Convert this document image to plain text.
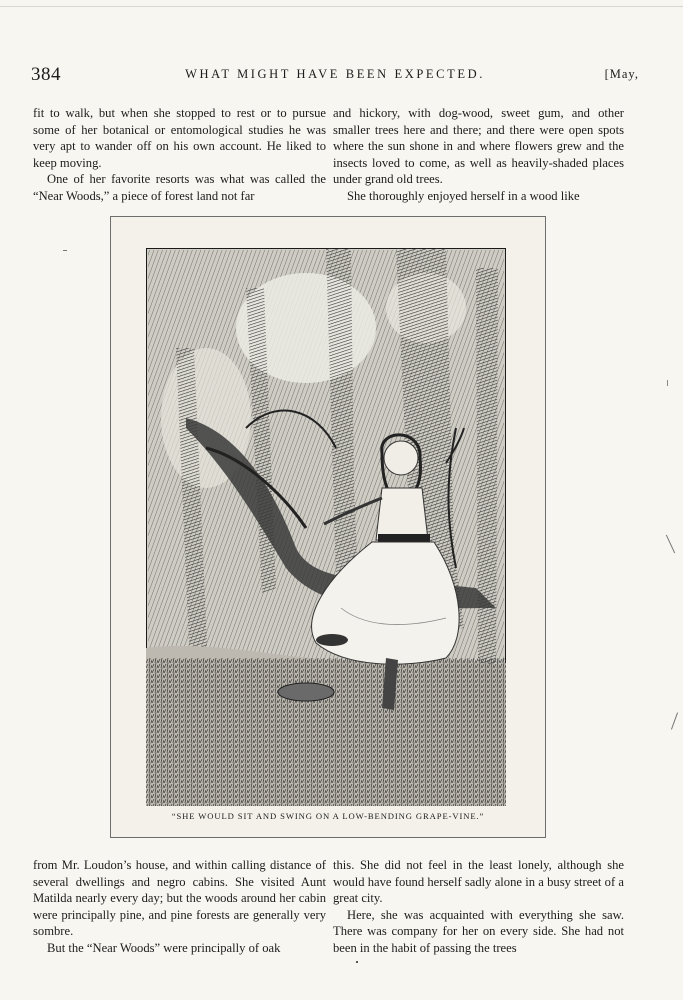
384	WHAT MIGHT HAVE BEEN EXPECTED.	[May,

fit to walk, but when she stopped to rest or to pursue some of her botanical or entomological studies he was very apt to wander off on his own account. He liked to keep moving.

One of her favorite resorts was what was called the “Near Woods,” a piece of forest land not far

and hickory, with dog-wood, sweet gum, and other smaller trees here and there; and there were open spots where the sun shone in and where flowers grew and the insects loved to come, as well as heavily-shaded places under grand old trees.

She thoroughly enjoyed herself in a wood like

“SHE WOULD SIT AND SWING ON A LOW-BENDING GRAPE-VINE.”

from Mr. Loudon’s house, and within calling distance of several dwellings and negro cabins. She visited Aunt Matilda nearly every day; but the woods around her cabin were principally pine, and pine forests are generally very sombre.

But the “Near Woods” were principally of oak

this. She did not feel in the least lonely, although she would have found herself sadly alone in a busy street of a great city.

Here, she was acquainted with everything she saw. There was company for her on every side. She had not been in the habit of passing the trees
